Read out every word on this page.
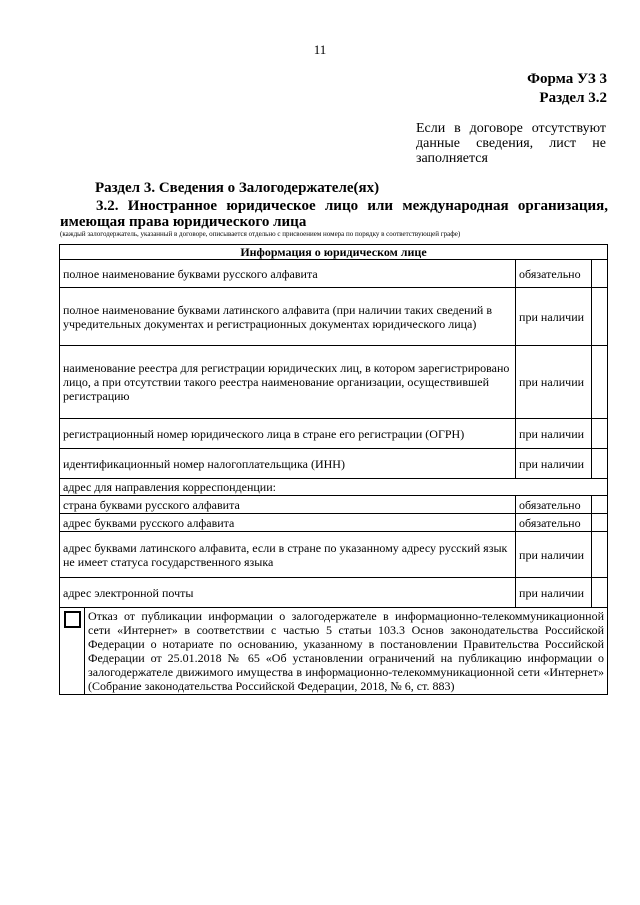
11
Форма УЗ 3
Раздел 3.2
Если в договоре отсутствуют данные сведения, лист не заполняется
Раздел 3. Сведения о Залогодержателе(ях)
3.2. Иностранное юридическое лицо или международная организация, имеющая права юридического лица
(каждый залогодержатель, указанный в договоре, описывается отдельно с присвоением номера по порядку в соответствующей графе)
Информация о юридическом лице			
полное наименование буквами русского алфавита		обязательно	
полное наименование буквами латинского алфавита (при наличии таких сведений в учредительных документах и регистрационных документах юридического лица)		при наличии	
наименование реестра для регистрации юридических лиц, в котором зарегистрировано лицо, а при отсутствии такого реестра наименование организации, осуществившей регистрацию		при наличии	
регистрационный номер юридического лица в стране его регистрации (ОГРН)		при наличии	
идентификационный номер налогоплательщика (ИНН)		при наличии	
адрес для направления корреспонденции:			
страна буквами русского алфавита		обязательно	
адрес буквами русского алфавита		обязательно	
адрес буквами латинского алфавита, если в стране по указанному адресу русский язык не имеет статуса государственного языка		при наличии	
адрес электронной почты		при наличии	

	Отказ от публикации информации о залогодержателе в информационно-телекоммуникационной сети «Интернет» в соответствии с частью 5 статьи 103.3 Основ законодательства Российской Федерации о нотариате по основанию, указанному в постановлении Правительства Российской Федерации от 25.01.2018 № 65 «Об установлении ограничений на публикацию информации о залогодержателе движимого имущества в информационно-телекоммуникационной сети «Интернет» (Собрание законодательства Российской Федерации, 2018, № 6, ст. 883)		
